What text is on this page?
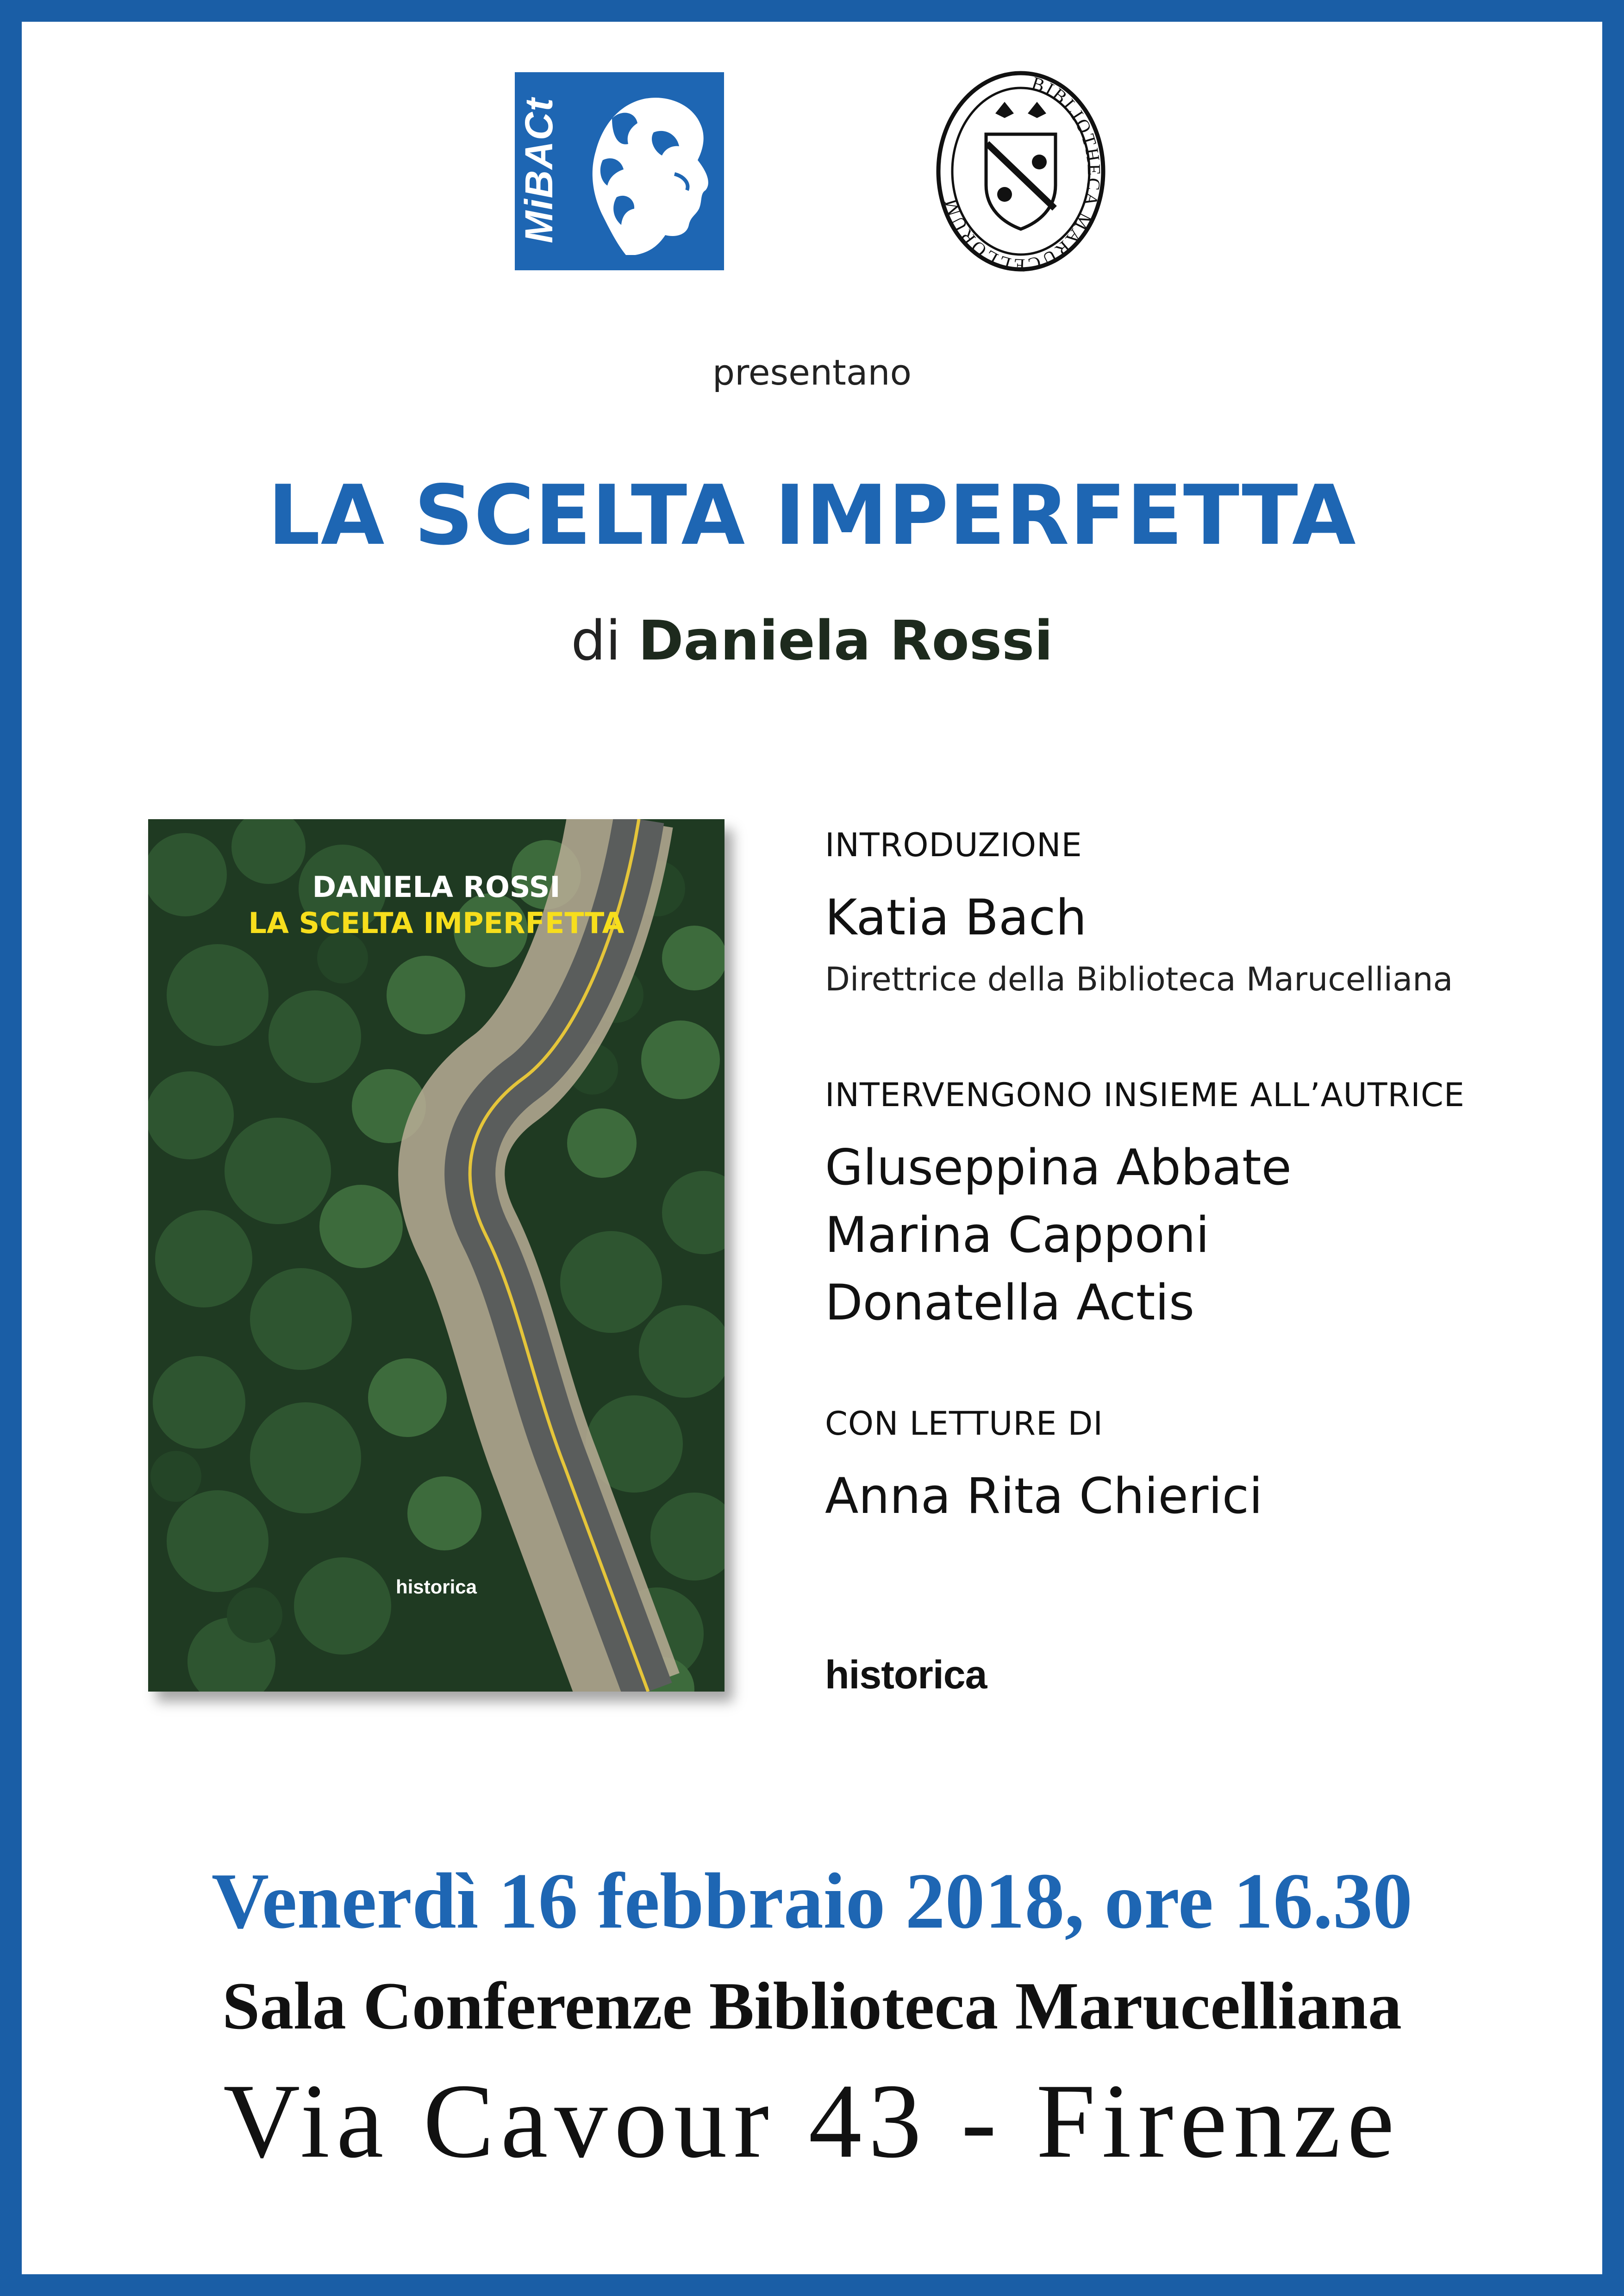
MiBACt
BIBLIOTHECA MARUCELLORUM
presentano
LA SCELTA IMPERFETTA
di Daniela Rossi
DANIELA ROSSI
LA SCELTA IMPERFETTA
historica
INTRODUZIONE
Katia Bach
Direttrice della Biblioteca Marucelliana
INTERVENGONO INSIEME ALL’AUTRICE
Gluseppina Abbate
Marina Capponi
Donatella Actis
CON LETTURE DI
Anna Rita Chierici
historica
Venerdì 16 febbraio 2018, ore 16.30
Sala Conferenze Biblioteca Marucelliana
Via Cavour 43 - Firenze
